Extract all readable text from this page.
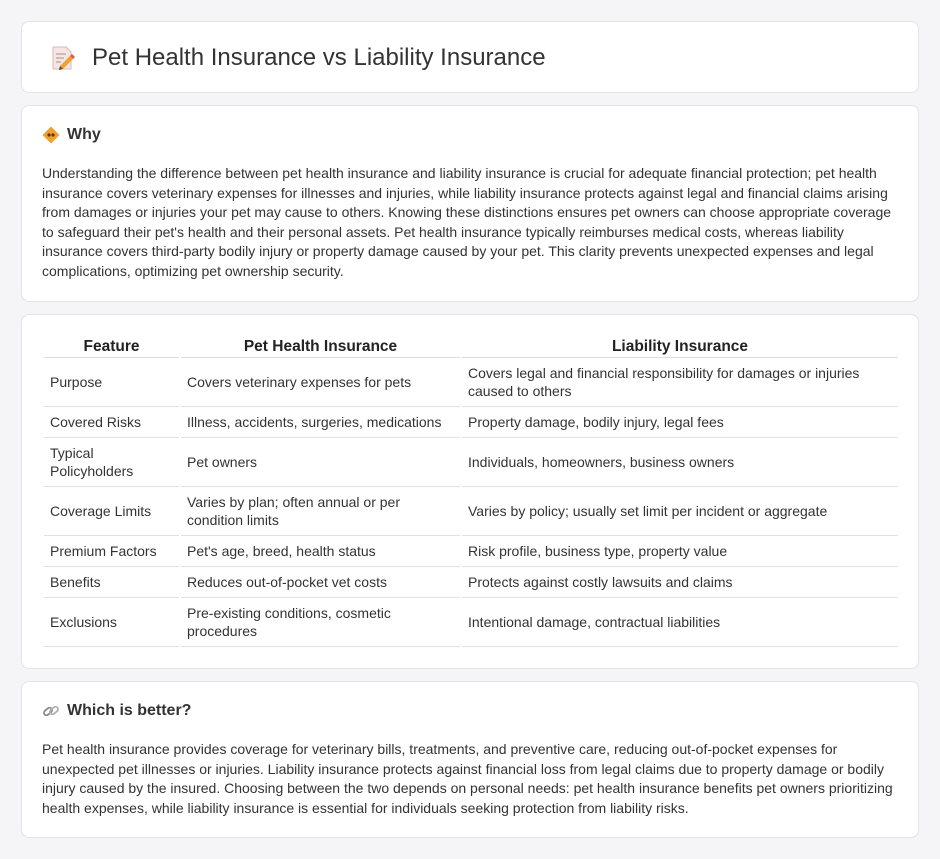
Pet Health Insurance vs Liability Insurance
Why

Understanding the difference between pet health insurance and liability insurance is crucial for adequate financial protection; pet health insurance covers veterinary expenses for illnesses and injuries, while liability insurance protects against legal and financial claims arising from damages or injuries your pet may cause to others. Knowing these distinctions ensures pet owners can choose appropriate coverage to safeguard their pet's health and their personal assets. Pet health insurance typically reimburses medical costs, whereas liability insurance covers third-party bodily injury or property damage caused by your pet. This clarity prevents unexpected expenses and legal complications, optimizing pet ownership security.

Feature	Pet Health Insurance	Liability Insurance
Purpose	Covers veterinary expenses for pets	Covers legal and financial responsibility for damages or injuries caused to others
Covered Risks	Illness, accidents, surgeries, medications	Property damage, bodily injury, legal fees
Typical Policyholders	Pet owners	Individuals, homeowners, business owners
Coverage Limits	Varies by plan; often annual or per condition limits	Varies by policy; usually set limit per incident or aggregate
Premium Factors	Pet's age, breed, health status	Risk profile, business type, property value
Benefits	Reduces out-of-pocket vet costs	Protects against costly lawsuits and claims
Exclusions	Pre-existing conditions, cosmetic procedures	Intentional damage, contractual liabilities
Which is better?

Pet health insurance provides coverage for veterinary bills, treatments, and preventive care, reducing out-of-pocket expenses for unexpected pet illnesses or injuries. Liability insurance protects against financial loss from legal claims due to property damage or bodily injury caused by the insured. Choosing between the two depends on personal needs: pet health insurance benefits pet owners prioritizing health expenses, while liability insurance is essential for individuals seeking protection from liability risks.
